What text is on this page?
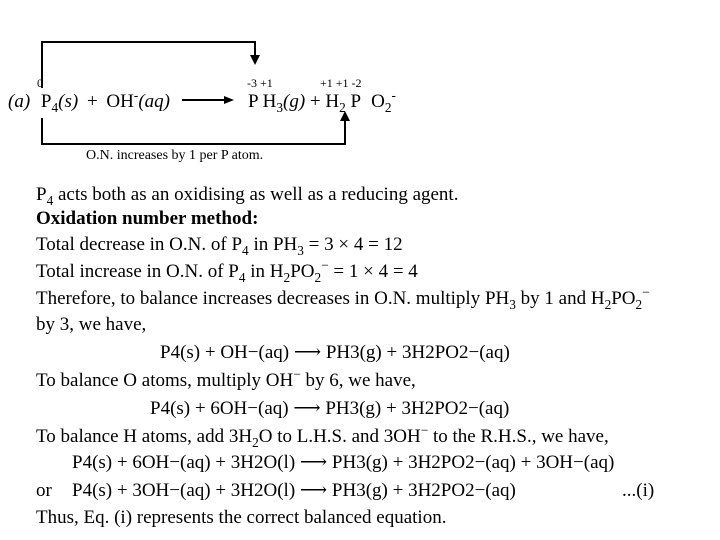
0	-3 +1	+1 +1 -2
(a) $P_4(s) + OH^-(aq)$	P $H_3(g) + H_2$ P $O_2^-$
O.N. increases by 1 per P atom.
$P_4$ acts both as an oxidising as well as a reducing agent.
Oxidation number method:
Total decrease in O.N. of $P_4$ in $PH_3 = 3 \times 4 = 12$
Total increase in O.N. of $P_4$ in $H_2PO_2^- = 1 \times 4 = 4$
Therefore, to balance increases decreases in O.N. multiply $PH_3$ by 1 and $H_2PO_2^-$
by 3, we have,
P4(s) + OH−(aq) ⟶ PH3(g) + 3H2PO2−(aq)
To balance O atoms, multiply OH− by 6, we have,
P4(s) + 6OH−(aq) ⟶ PH3(g) + 3H2PO2−(aq)
To balance H atoms, add $3H_2O$ to L.H.S. and 3OH− to the R.H.S., we have,
P4(s) + 6OH−(aq) + 3H2O(l) ⟶ PH3(g) + 3H2PO2−(aq) + 3OH−(aq)
or P4(s) + 3OH−(aq) + 3H2O(l) ⟶ PH3(g) + 3H2PO2−(aq)	...(i)
Thus, Eq. (i) represents the correct balanced equation.
